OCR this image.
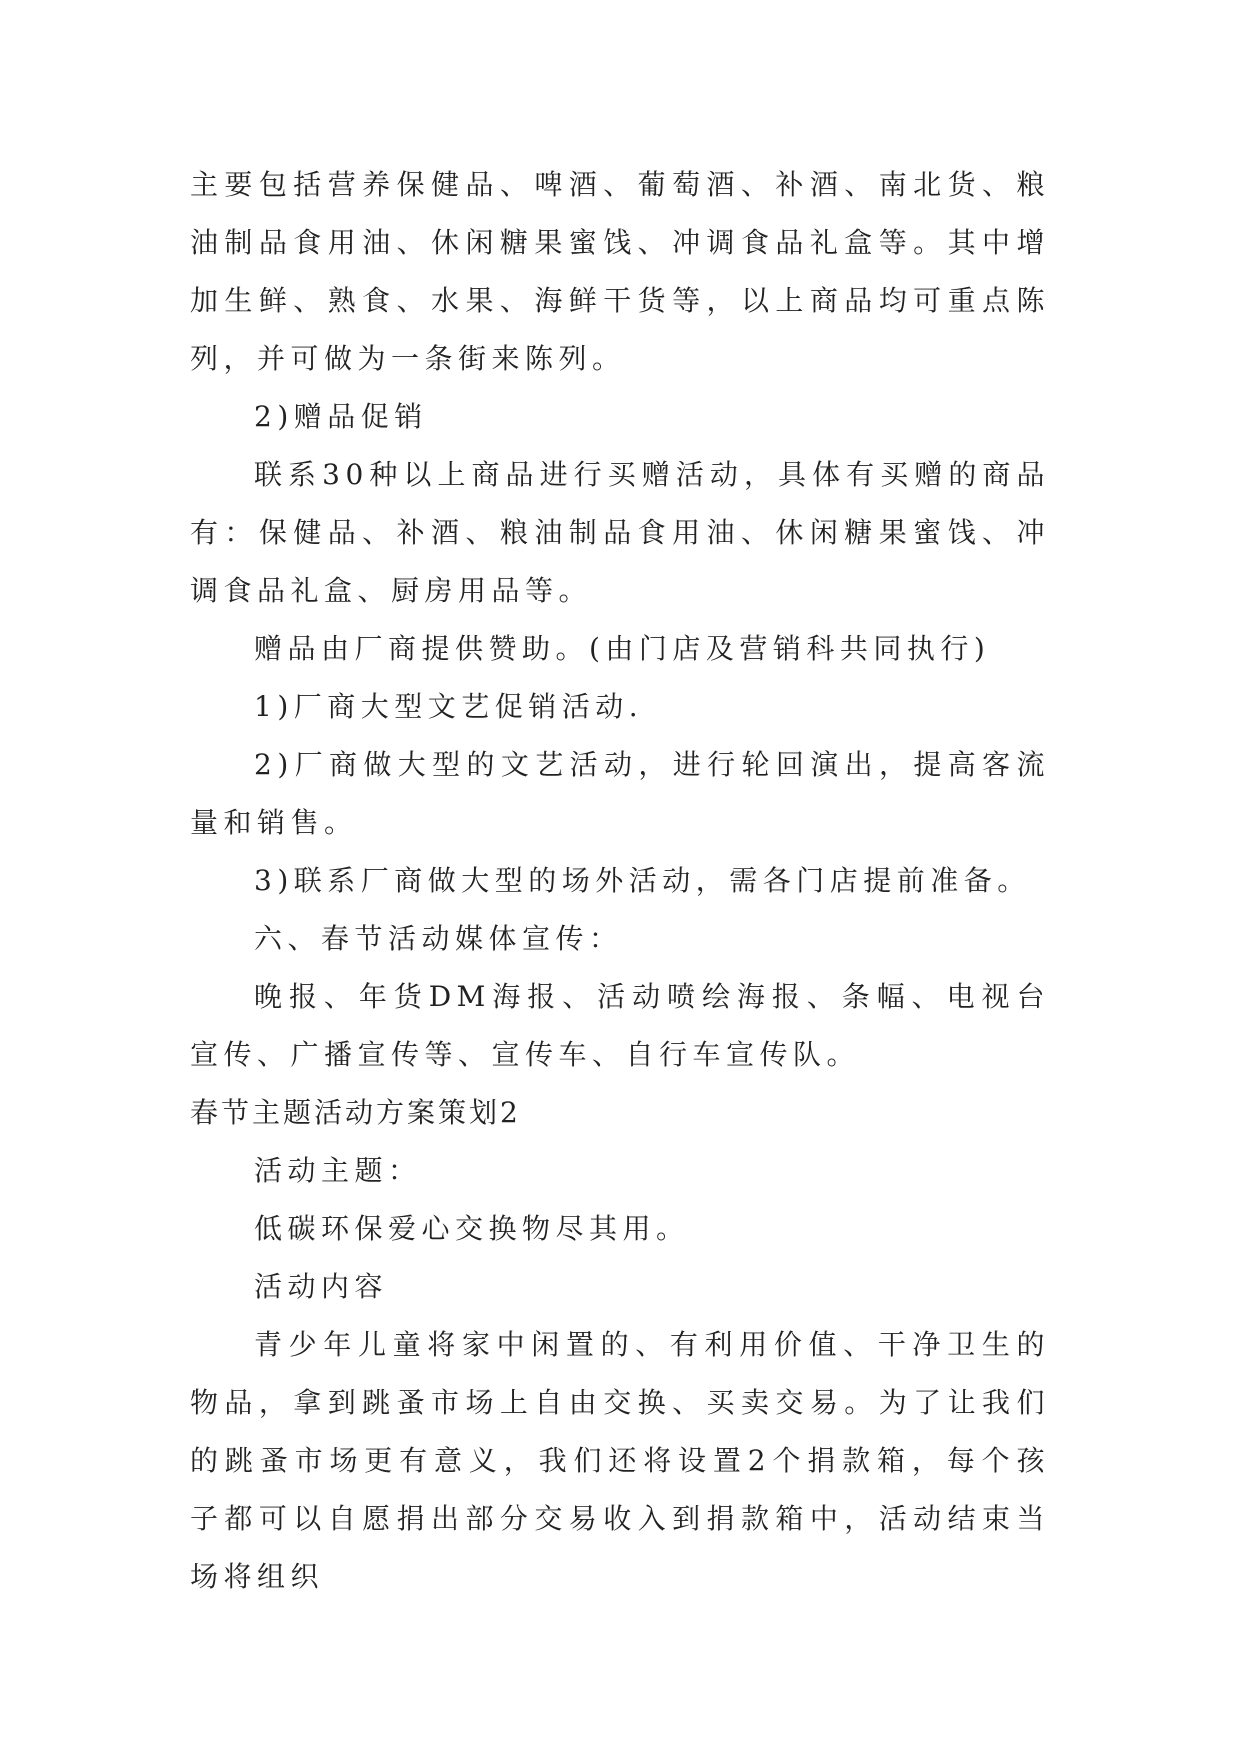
主要包括营养保健品、啤酒、葡萄酒、补酒、南北货、粮油制品食用油、休闲糖果蜜饯、冲调食品礼盒等。其中增加生鲜、熟食、水果、海鲜干货等，以上商品均可重点陈列，并可做为一条街来陈列。

2)赠品促销

联系30种以上商品进行买赠活动，具体有买赠的商品有：保健品、补酒、粮油制品食用油、休闲糖果蜜饯、冲调食品礼盒、厨房用品等。

赠品由厂商提供赞助。(由门店及营销科共同执行)

1)厂商大型文艺促销活动.

2)厂商做大型的文艺活动，进行轮回演出，提高客流量和销售。

3)联系厂商做大型的场外活动，需各门店提前准备。

六、春节活动媒体宣传：

晚报、年货DM海报、活动喷绘海报、条幅、电视台宣传、广播宣传等、宣传车、自行车宣传队。

春节主题活动方案策划2

活动主题：

低碳环保爱心交换物尽其用。

活动内容

青少年儿童将家中闲置的、有利用价值、干净卫生的物品，拿到跳蚤市场上自由交换、买卖交易。为了让我们的跳蚤市场更有意义，我们还将设置2个捐款箱，每个孩子都可以自愿捐出部分交易收入到捐款箱中，活动结束当场将组织
